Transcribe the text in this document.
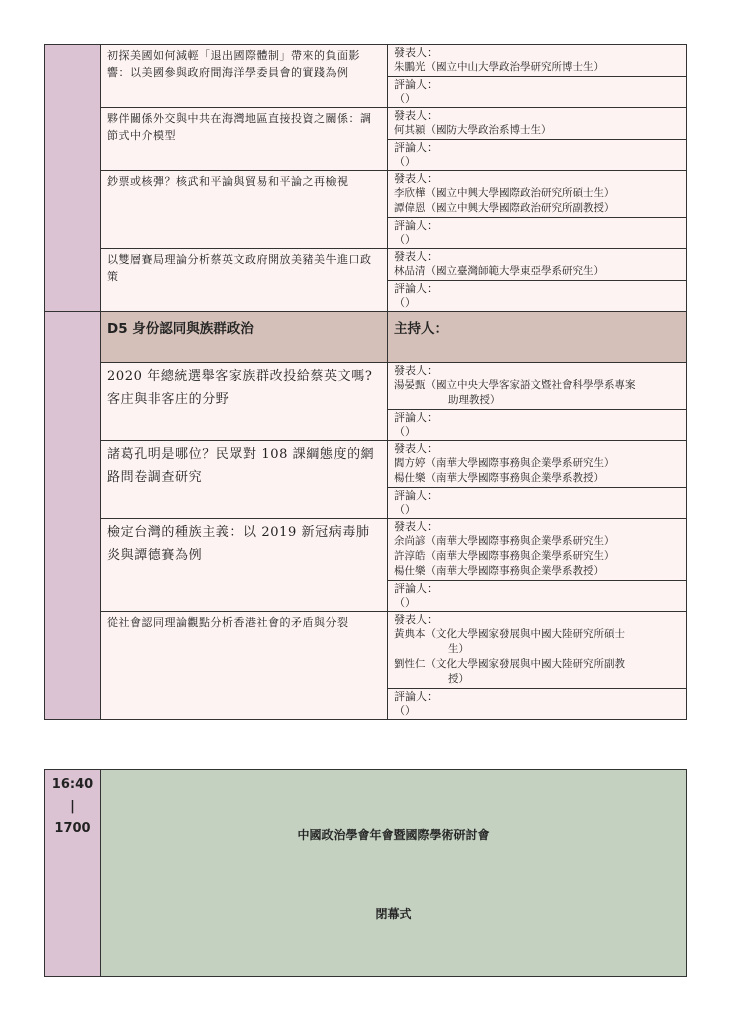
	初探美國如何減輕「退出國際體制」帶來的負面影響：以美國參與政府間海洋學委員會的實踐為例	發表人：
朱鵬光（國立中山大學政治學研究所博士生）

		評論人：
（）

	夥伴關係外交與中共在海灣地區直接投資之關係：調節式中介模型	發表人：
何其潁（國防大學政治系博士生）

		評論人：
（）

	鈔票或核彈？核武和平論與貿易和平論之再檢視	發表人：
李欣樺（國立中興大學國際政治研究所碩士生）
譚偉恩（國立中興大學國際政治研究所副教授）

		評論人：
（）

	以雙層賽局理論分析蔡英文政府開放美豬美牛進口政策	發表人：
林品清（國立臺灣師範大學東亞學系研究生）

		評論人：
（）

	D5 身份認同與族群政治	主持人：

	2020 年總統選舉客家族群改投給蔡英文嗎?客庄與非客庄的分野	發表人：
湯晏甄（國立中央大學客家語文暨社會科學學系專案
助理教授）

		評論人：
（）

	諸葛孔明是哪位？民眾對 108 課綱態度的網路問卷調查研究	發表人：
閻方婷（南華大學國際事務與企業學系研究生）
楊仕樂（南華大學國際事務與企業學系教授）

		評論人：
（）

	檢定台灣的種族主義：以 2019 新冠病毒肺炎與譚德賽為例	發表人：
余尚諺（南華大學國際事務與企業學系研究生）
許淳皓（南華大學國際事務與企業學系研究生）
楊仕樂（南華大學國際事務與企業學系教授）

		評論人：
（）

	從社會認同理論觀點分析香港社會的矛盾與分裂	發表人：
黃典本（文化大學國家發展與中國大陸研究所碩士
生）
劉性仁（文化大學國家發展與中國大陸研究所副教
授）

		評論人：
（）
16:40
|
1700	中國政治學會年會暨國際學術研討會
閉幕式
